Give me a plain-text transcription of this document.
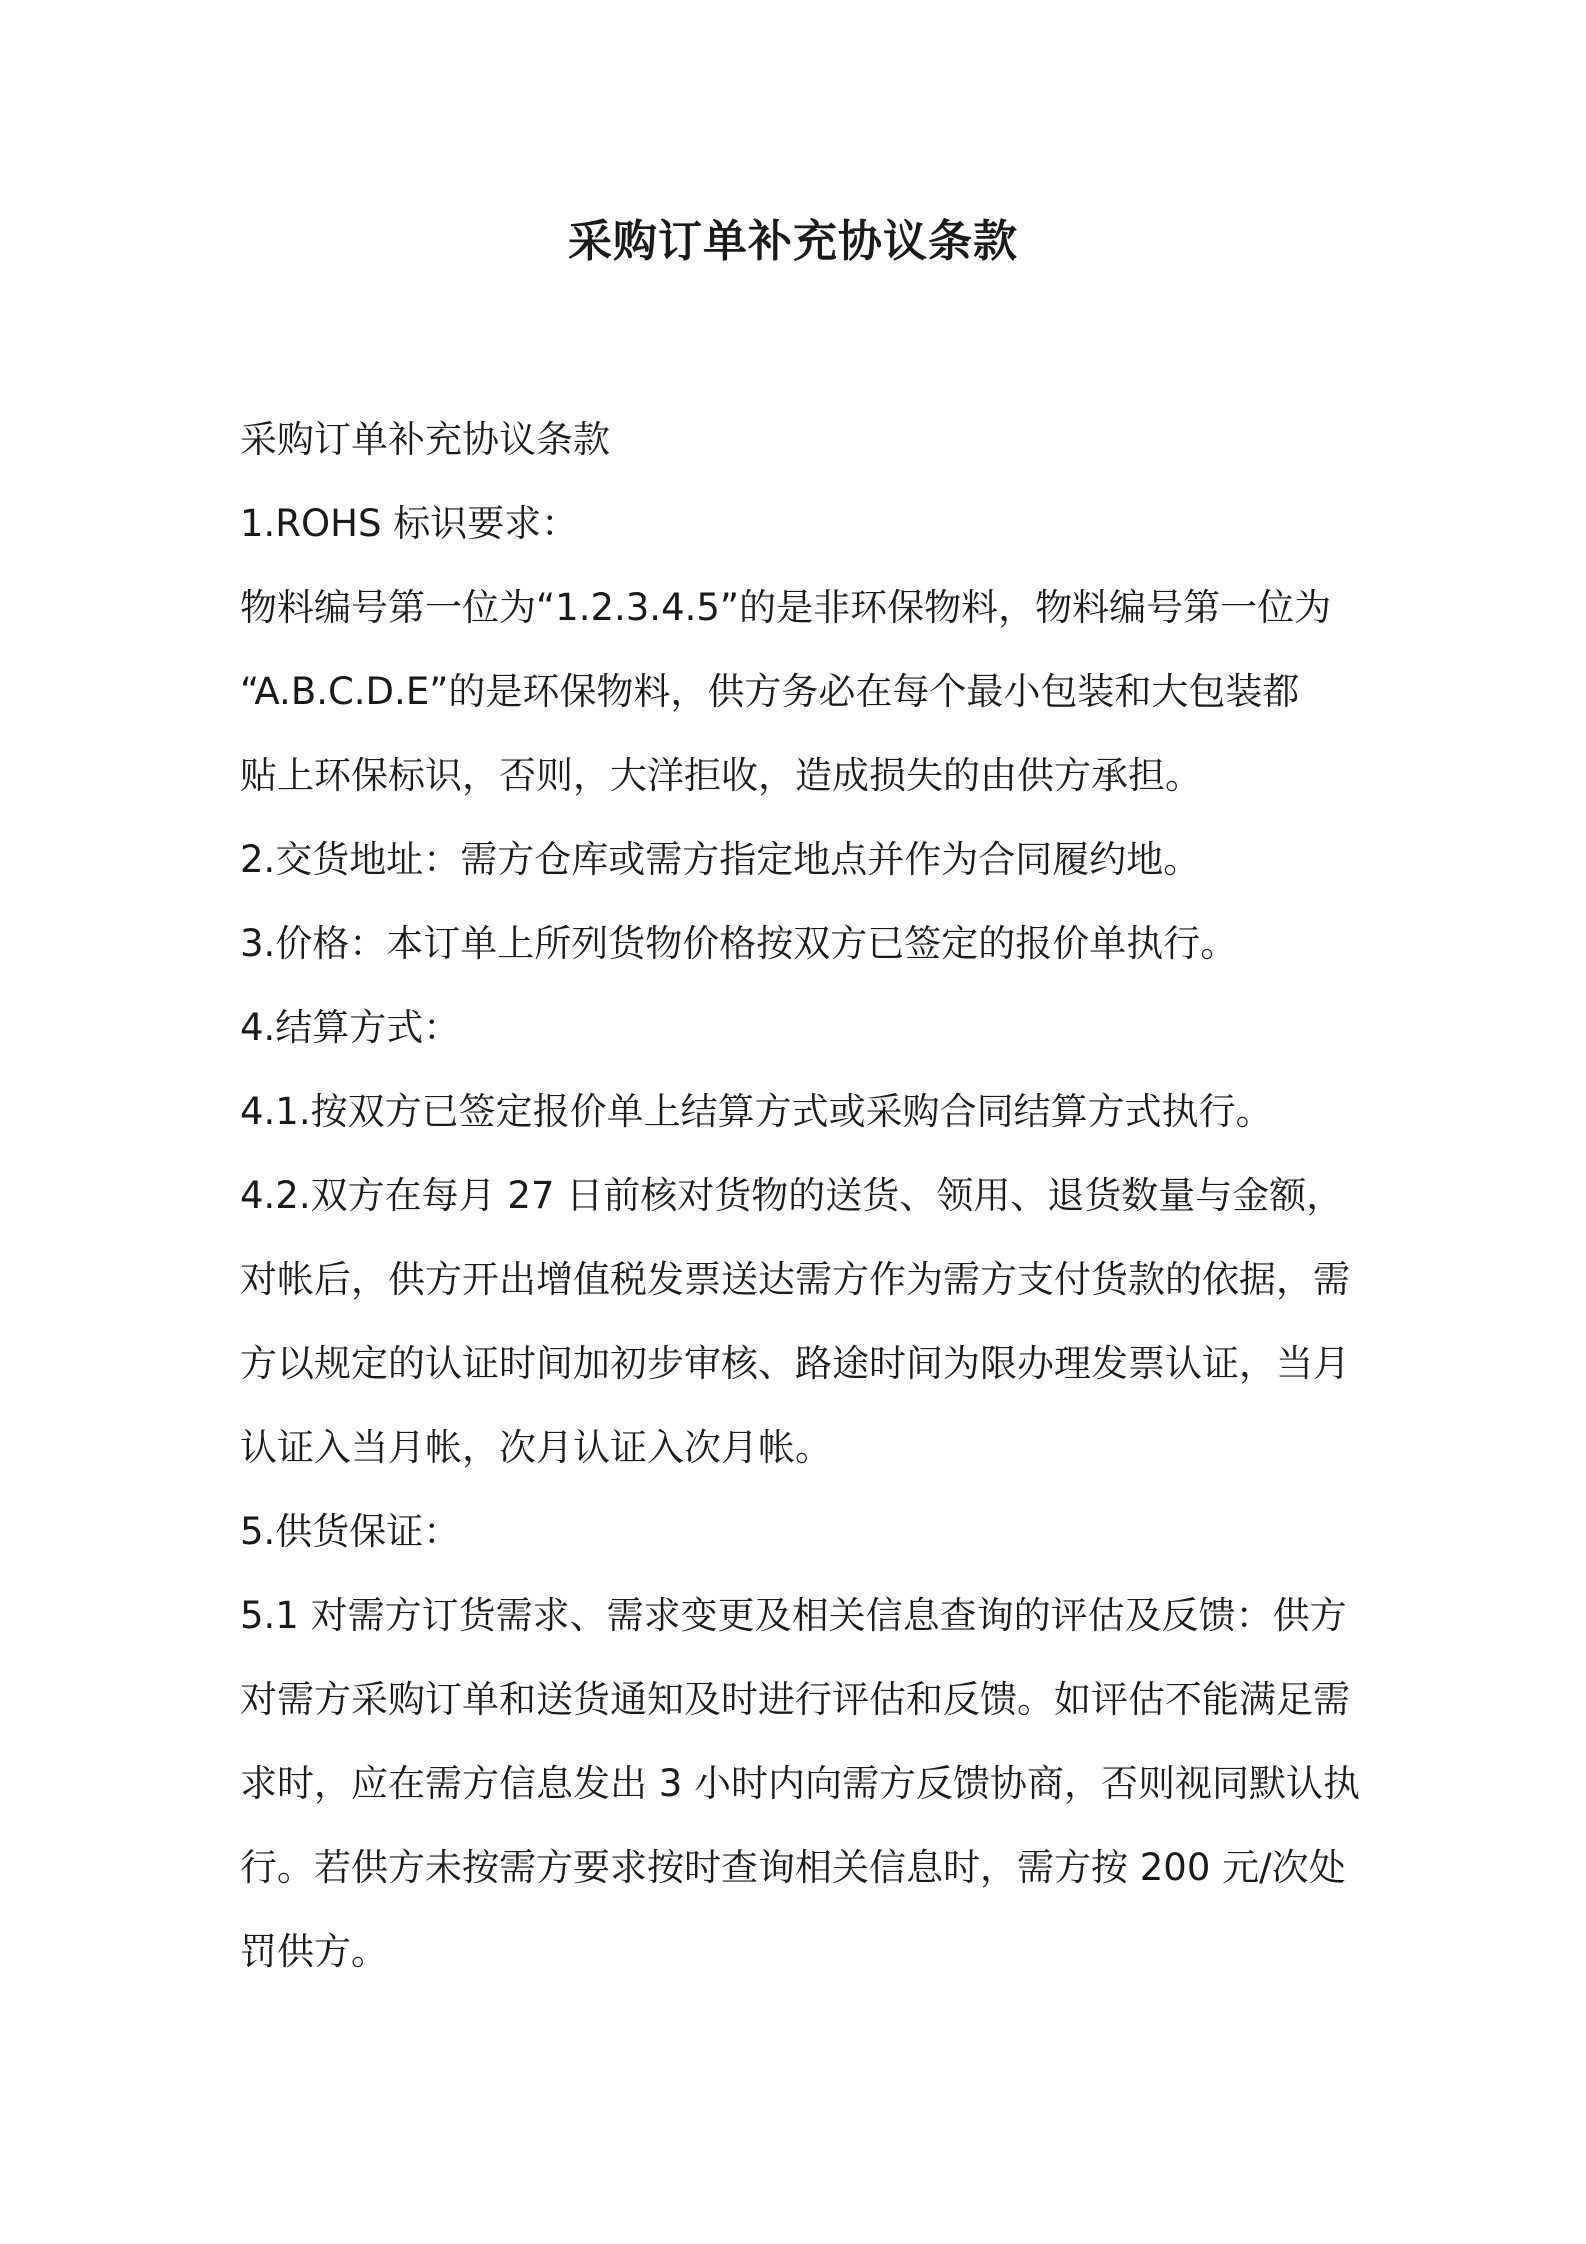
采购订单补充协议条款

采购订单补充协议条款

1.ROHS 标识要求：

物料编号第一位为“1.2.3.4.5”的是非环保物料，物料编号第一位为

“A.B.C.D.E”的是环保物料，供方务必在每个最小包装和大包装都

贴上环保标识，否则，大洋拒收，造成损失的由供方承担。

2.交货地址：需方仓库或需方指定地点并作为合同履约地。

3.价格：本订单上所列货物价格按双方已签定的报价单执行。

4.结算方式：

4.1.按双方已签定报价单上结算方式或采购合同结算方式执行。

4.2.双方在每月 27 日前核对货物的送货、领用、退货数量与金额，

对帐后，供方开出增值税发票送达需方作为需方支付货款的依据，需

方以规定的认证时间加初步审核、路途时间为限办理发票认证，当月

认证入当月帐，次月认证入次月帐。

5.供货保证：

5.1 对需方订货需求、需求变更及相关信息查询的评估及反馈：供方

对需方采购订单和送货通知及时进行评估和反馈。如评估不能满足需

求时，应在需方信息发出 3 小时内向需方反馈协商，否则视同默认执

行。若供方未按需方要求按时查询相关信息时，需方按 200 元/次处

罚供方。
